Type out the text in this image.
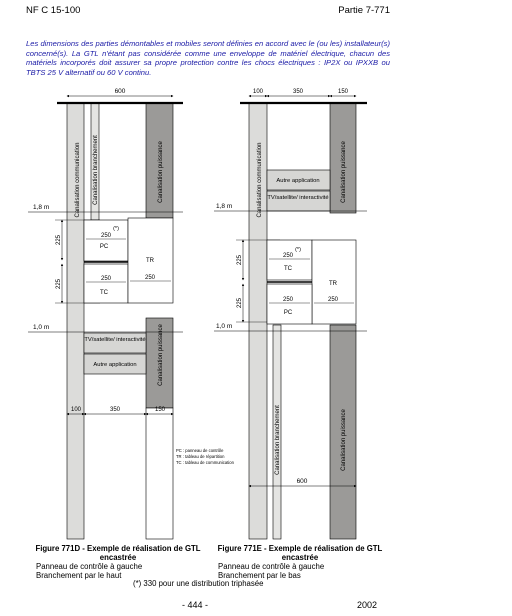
NF C 15-100	Partie 7-771
Les dimensions des parties démontables et mobiles seront définies en accord avec le (ou les) installateur(s) concerné(s). La GTL n'étant pas considérée comme une enveloppe de matériel électrique, chacun des matériels incorporés doit assurer sa propre protection contre les chocs électriques : IP2X ou IPXXB ou TBTS 25 V alternatif ou 60 V continu.
600
Canalisation communication Canalisation branchement	Canalisation puissance
Canalisation puissance
1,8 m
1,0 m
225
225
(*)
250
PC
250
TC
TR
250
TV/satellite/ interactivité
Autre application
100	350	150
PC : panneau de contrôle
TR : tableau de répartition
TC : tableau de communication
100	350	150
Canalisation communication	Canalisation puissance
Autre application
TV/satellite/ interactivité
1,8 m
225
225
(*)
250
TC
TR
250
250
PC
1,0 m
Canalisation branchement	Canalisation puissance
600
Figure 771D - Exemple de réalisation de GTL encastrée
Panneau de contrôle à gauche
Branchement par le haut
Figure 771E - Exemple de réalisation de GTL encastrée
Panneau de contrôle à gauche
Branchement par le bas
(*) 330 pour une distribution triphasée
- 444 -	2002
